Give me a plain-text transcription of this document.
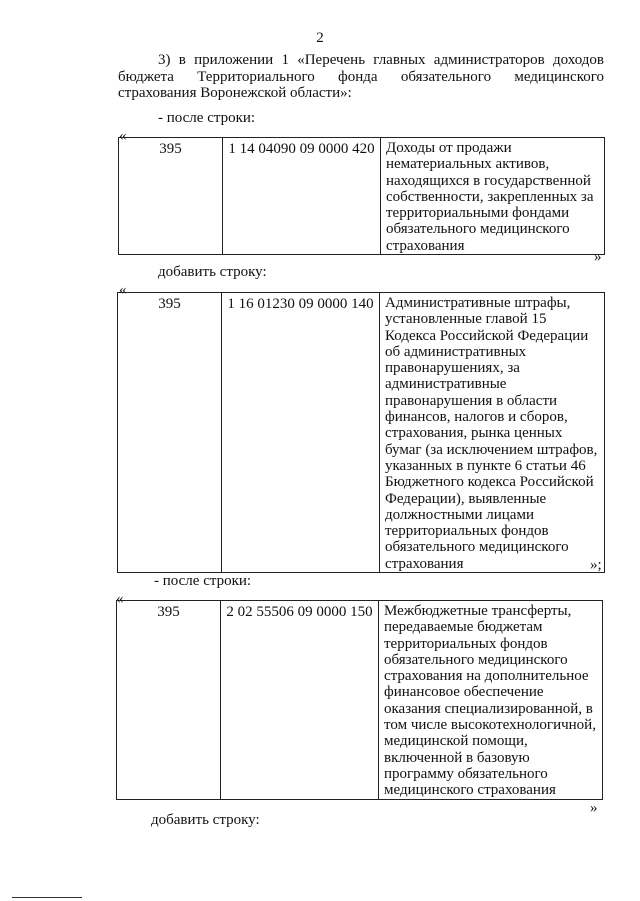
2
3) в приложении 1 «Перечень главных администраторов доходов бюджета Территориального фонда обязательного медицинского страхования Воронежской области»:
- после строки:
«
395	1 14 04090 09 0000 420	Доходы от продажи нематериальных активов, находящихся в государственной собственности, закрепленных за территориальными фондами обязательного медицинского страхования
»
добавить строку:
«
395	1 16 01230 09 0000 140	Административные штрафы, установленные главой 15 Кодекса Российской Федерации об административных правонарушениях, за административные правонарушения в области финансов, налогов и сборов, страхования, рынка ценных бумаг (за исключением штрафов, указанных в пункте 6 статьи 46 Бюджетного кодекса Российской Федерации), выявленные должностными лицами территориальных фондов обязательного медицинского страхования	»;
- после строки:
«
395	2 02 55506 09 0000 150	Межбюджетные трансферты, передаваемые бюджетам территориальных фондов обязательного медицинского страхования на дополнительное финансовое обеспечение оказания специализированной, в том числе высокотехнологичной, медицинской помощи, включенной в базовую программу обязательного медицинского страхования
»
добавить строку:
